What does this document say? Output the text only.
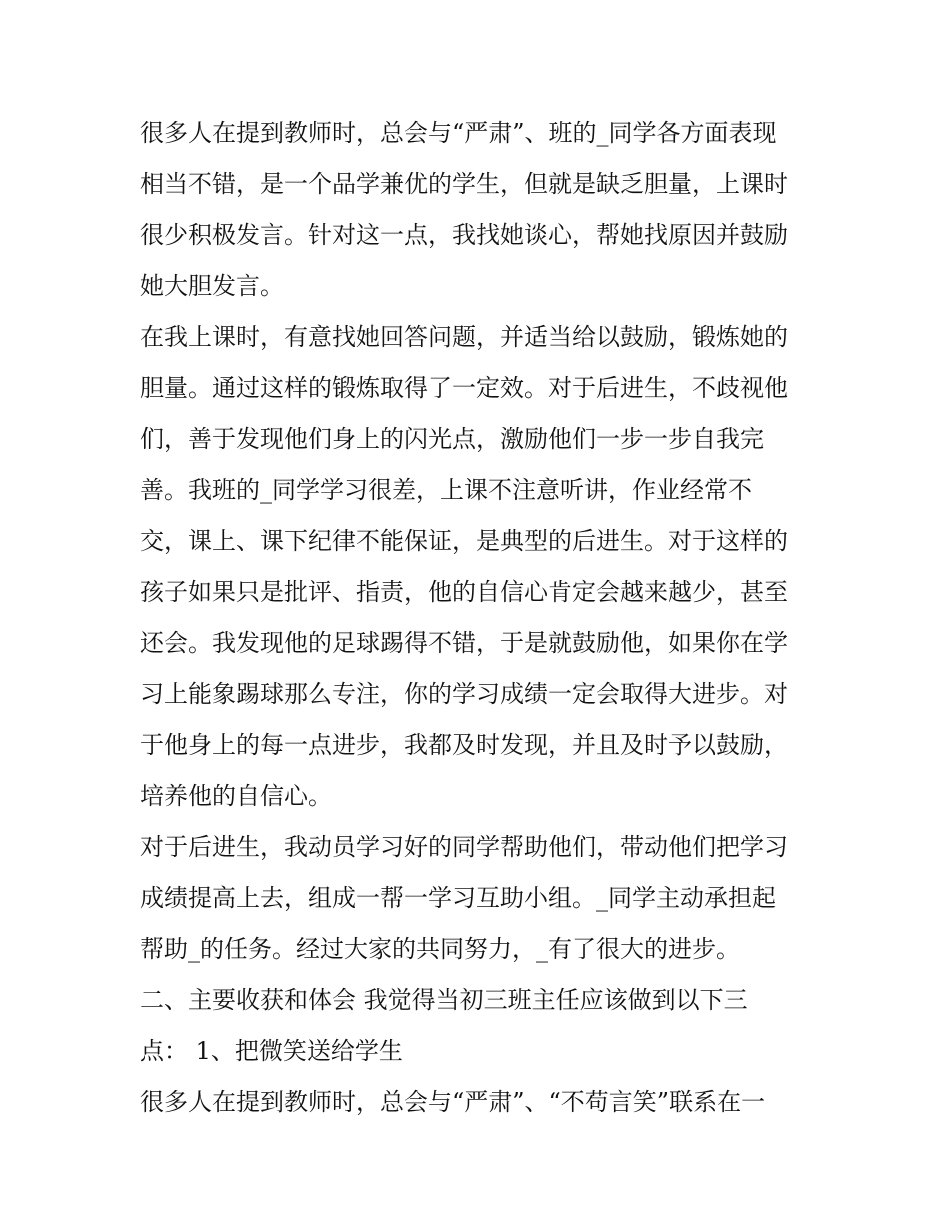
很多人在提到教师时，总会与“严肃”、班的_同学各方面表现
相当不错，是一个品学兼优的学生，但就是缺乏胆量，上课时
很少积极发言。针对这一点，我找她谈心，帮她找原因并鼓励
她大胆发言。
在我上课时，有意找她回答问题，并适当给以鼓励，锻炼她的
胆量。通过这样的锻炼取得了一定效。对于后进生，不歧视他
们，善于发现他们身上的闪光点，激励他们一步一步自我完
善。我班的_同学学习很差，上课不注意听讲，作业经常不
交，课上、课下纪律不能保证，是典型的后进生。对于这样的
孩子如果只是批评、指责，他的自信心肯定会越来越少，甚至
还会。我发现他的足球踢得不错，于是就鼓励他，如果你在学
习上能象踢球那么专注，你的学习成绩一定会取得大进步。对
于他身上的每一点进步，我都及时发现，并且及时予以鼓励，
培养他的自信心。
对于后进生，我动员学习好的同学帮助他们，带动他们把学习
成绩提高上去，组成一帮一学习互助小组。_同学主动承担起
帮助_的任务。经过大家的共同努力，_有了很大的进步。
二、主要收获和体会 我觉得当初三班主任应该做到以下三
点： 1、把微笑送给学生
很多人在提到教师时，总会与“严肃”、“不苟言笑”联系在一
